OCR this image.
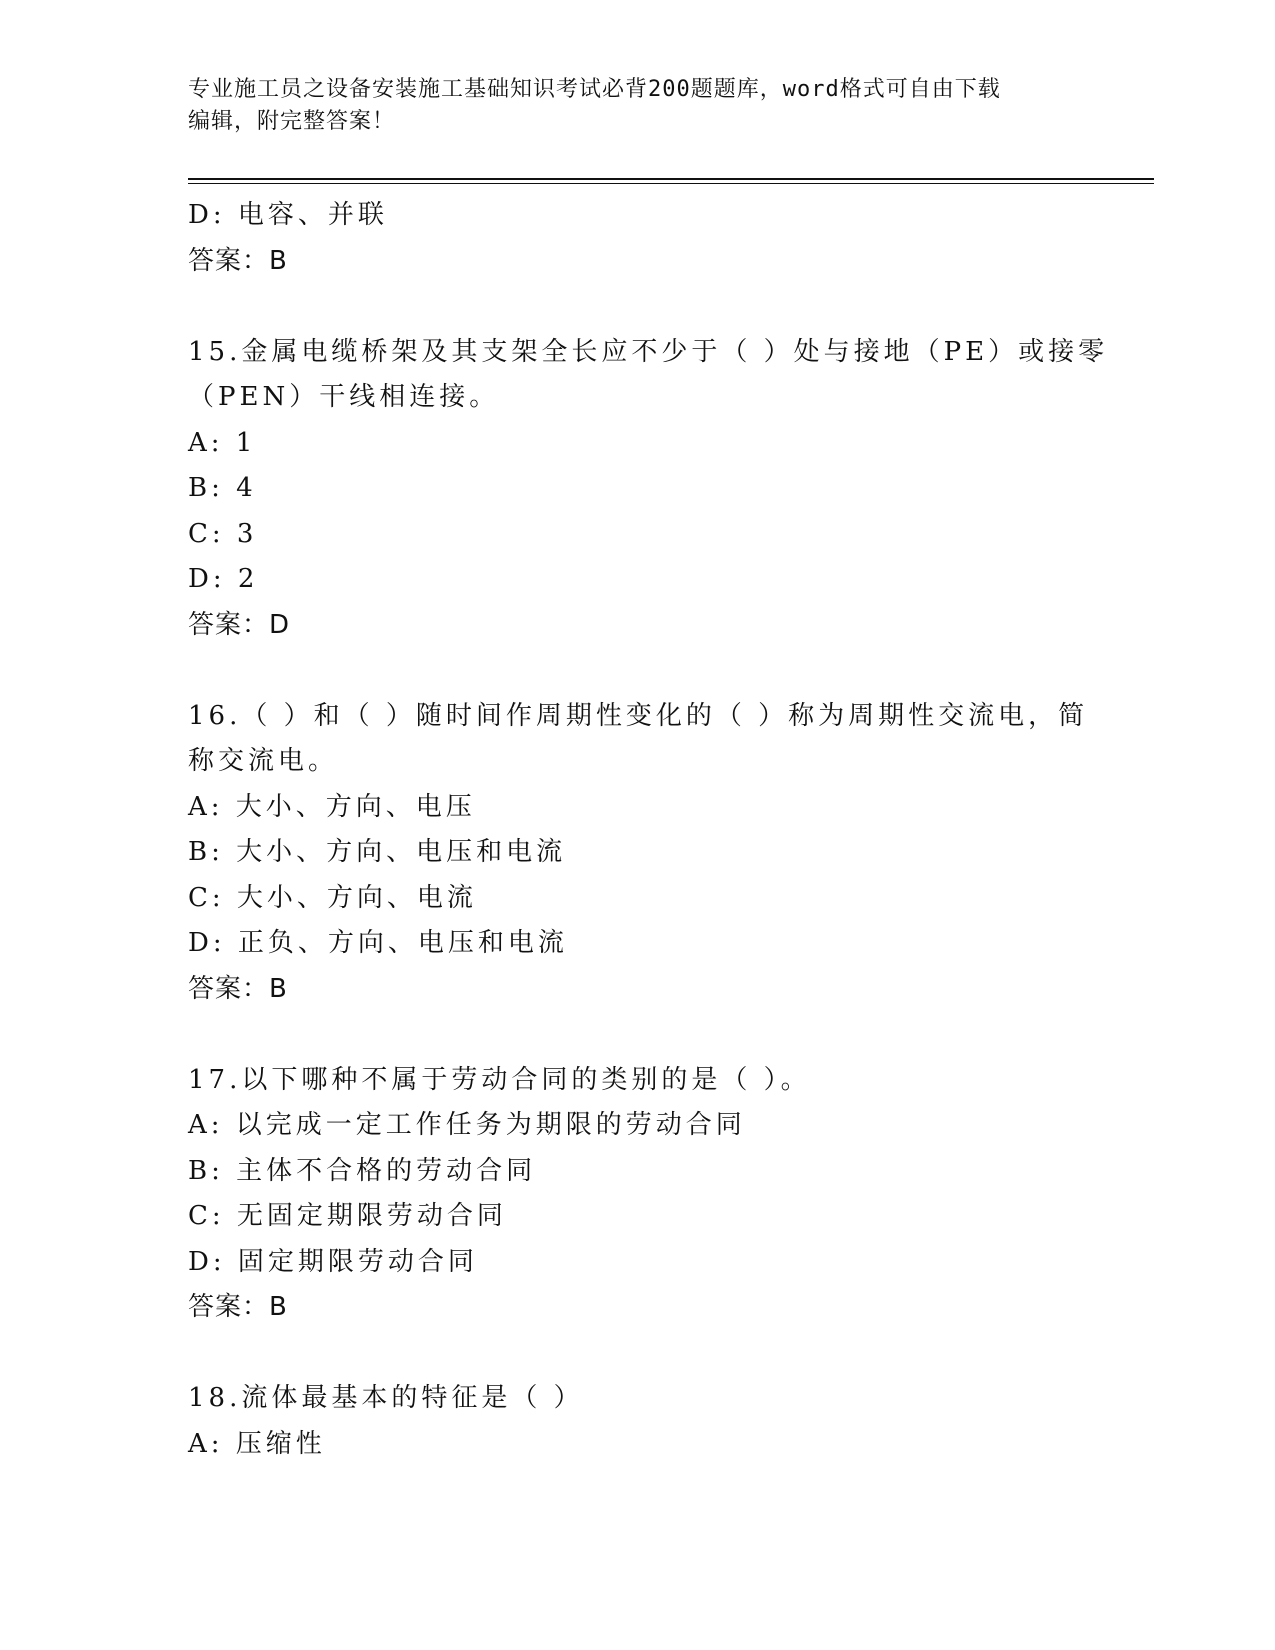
专业施工员之设备安装施工基础知识考试必背200题题库，word格式可自由下载
编辑，附完整答案！
D: 电容、并联
答案：B
15.金属电缆桥架及其支架全长应不少于（ ）处与接地（PE）或接零
（PEN）干线相连接。
A: 1
B: 4
C: 3
D: 2
答案：D
16.（ ）和（ ）随时间作周期性变化的（ ）称为周期性交流电，简
称交流电。
A: 大小、方向、电压
B: 大小、方向、电压和电流
C: 大小、方向、电流
D: 正负、方向、电压和电流
答案：B
17.以下哪种不属于劳动合同的类别的是（ ）。
A: 以完成一定工作任务为期限的劳动合同
B: 主体不合格的劳动合同
C: 无固定期限劳动合同
D: 固定期限劳动合同
答案：B
18.流体最基本的特征是（ ）
A: 压缩性
